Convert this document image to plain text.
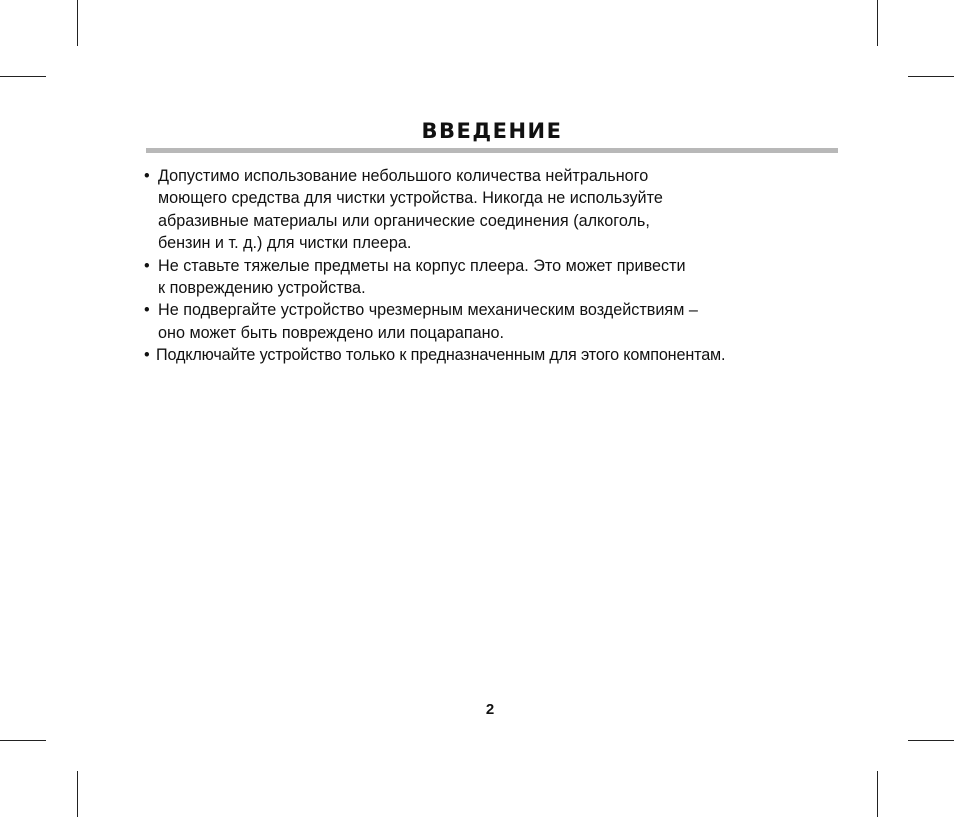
ВВЕДЕНИЕ
• Допустимо использование небольшого количества нейтрального
моющего средства для чистки устройства. Никогда не используйте
абразивные материалы или органические соединения (алкоголь,
бензин и т. д.) для чистки плеера.
• Не ставьте тяжелые предметы на корпус плеера. Это может привести
к повреждению устройства.
• Не подвергайте устройство чрезмерным механическим воздействиям –
оно может быть повреждено или поцарапано.
• Подключайте устройство только к предназначенным для этого компонентам.
2
